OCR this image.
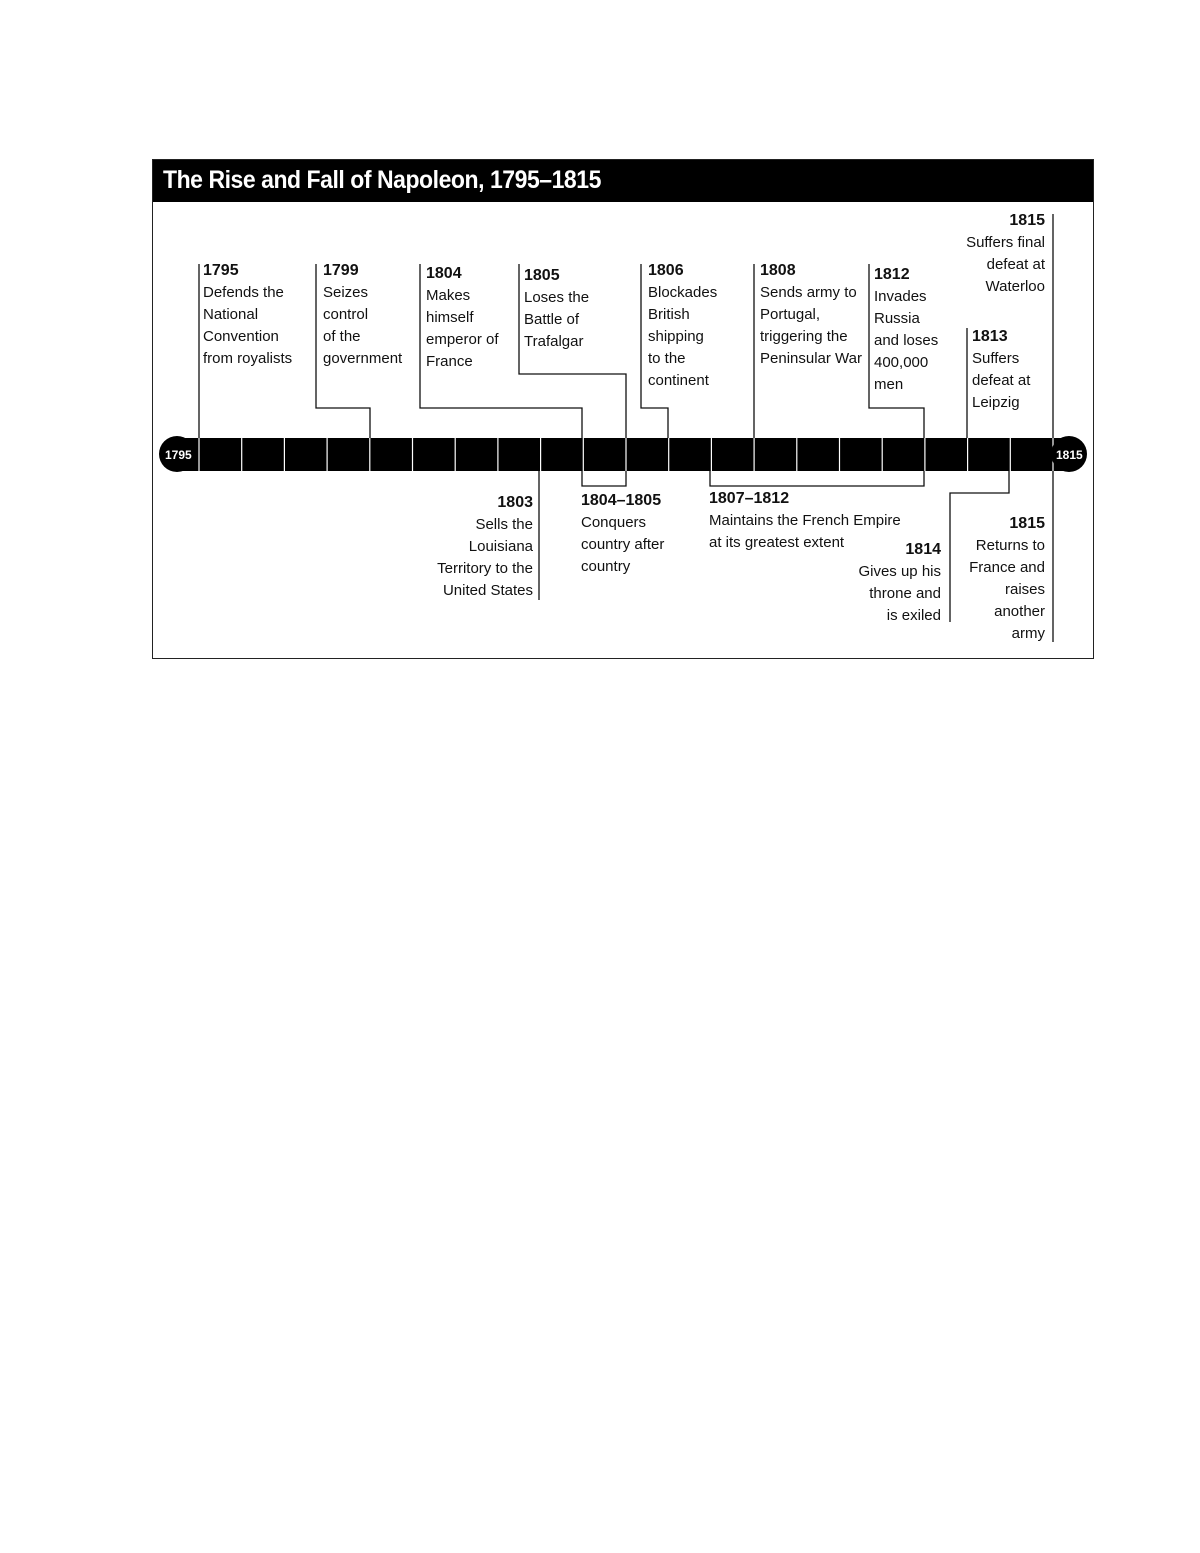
The Rise and Fall of Napoleon, 1795–1815
1795	1815
1795
Defends the
National
Convention
from royalists
1799
Seizes
control
of the
government
1804
Makes
himself
emperor of
France
1805
Loses the
Battle of
Trafalgar
1806
Blockades
British
shipping
to the
continent
1808
Sends army to
Portugal,
triggering the
Peninsular War
1812
Invades
Russia
and loses
400,000
men
1813
Suffers
defeat at
Leipzig
1815
Suffers final
defeat at
Waterloo
1803
Sells the
Louisiana
Territory to the
United States
1804–1805
Conquers
country after
country
1807–1812
Maintains the French Empire
at its greatest extent	1814
Gives up his
throne and
is exiled
1815
Returns to
France and
raises
another
army
